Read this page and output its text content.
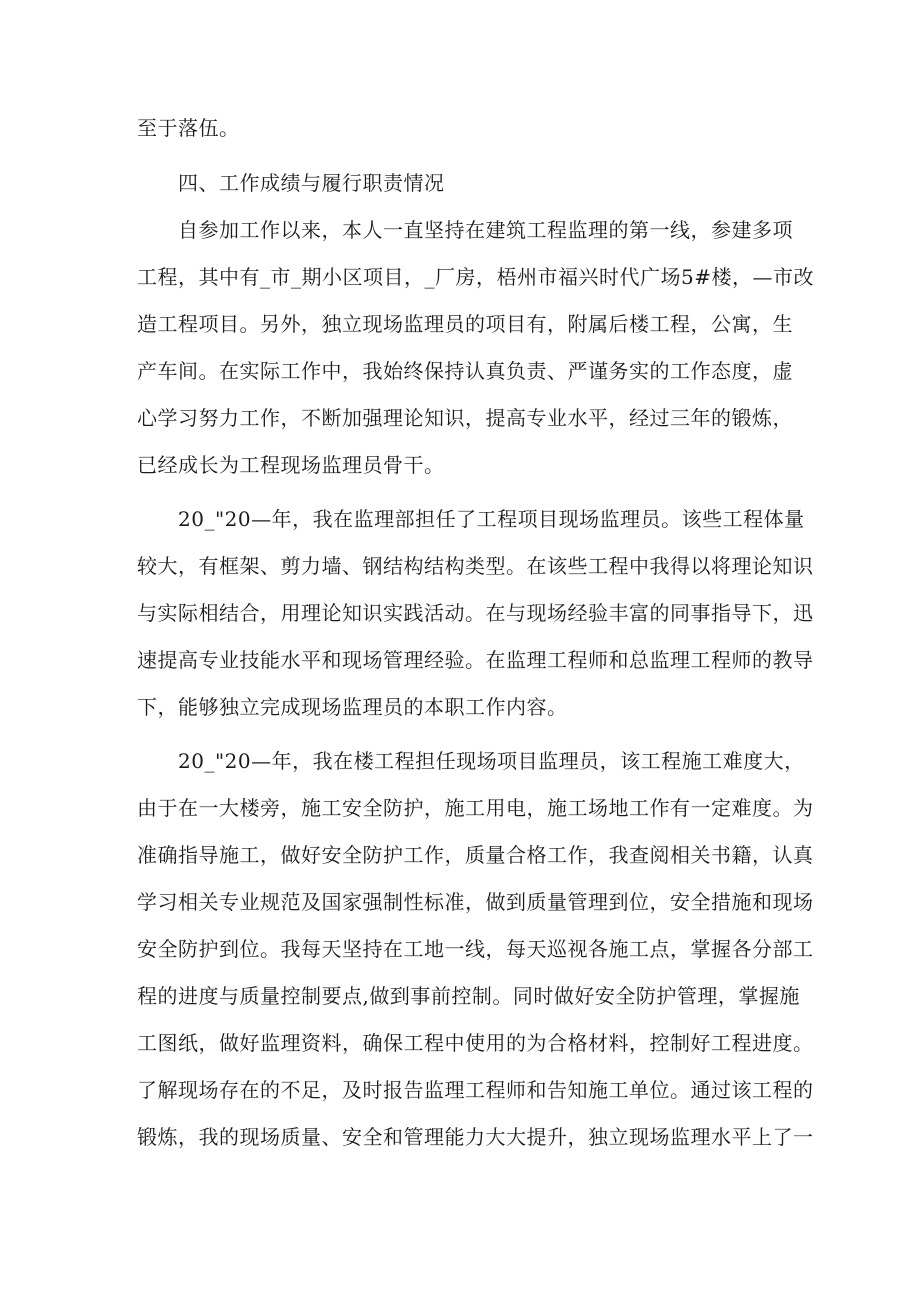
至于落伍。
四、工作成绩与履行职责情况
自参加工作以来，本人一直坚持在建筑工程监理的第一线，参建多项
工程，其中有_市_期小区项目，_厂房，梧州市福兴时代广场5#楼，—市改
造工程项目。另外，独立现场监理员的项目有，附属后楼工程，公寓，生
产车间。在实际工作中，我始终保持认真负责、严谨务实的工作态度，虚
心学习努力工作，不断加强理论知识，提高专业水平，经过三年的锻炼，
已经成长为工程现场监理员骨干。
20_"20—年，我在监理部担任了工程项目现场监理员。该些工程体量
较大，有框架、剪力墙、钢结构结构类型。在该些工程中我得以将理论知识
与实际相结合，用理论知识实践活动。在与现场经验丰富的同事指导下，迅
速提高专业技能水平和现场管理经验。在监理工程师和总监理工程师的教导
下，能够独立完成现场监理员的本职工作内容。
20_"20—年，我在楼工程担任现场项目监理员，该工程施工难度大，
由于在一大楼旁，施工安全防护，施工用电，施工场地工作有一定难度。为
准确指导施工，做好安全防护工作，质量合格工作，我查阅相关书籍，认真
学习相关专业规范及国家强制性标准，做到质量管理到位，安全措施和现场
安全防护到位。我每天坚持在工地一线，每天巡视各施工点，掌握各分部工
程的进度与质量控制要点,做到事前控制。同时做好安全防护管理，掌握施
工图纸，做好监理资料，确保工程中使用的为合格材料，控制好工程进度。
了解现场存在的不足，及时报告监理工程师和告知施工单位。通过该工程的
锻炼，我的现场质量、安全和管理能力大大提升，独立现场监理水平上了一
